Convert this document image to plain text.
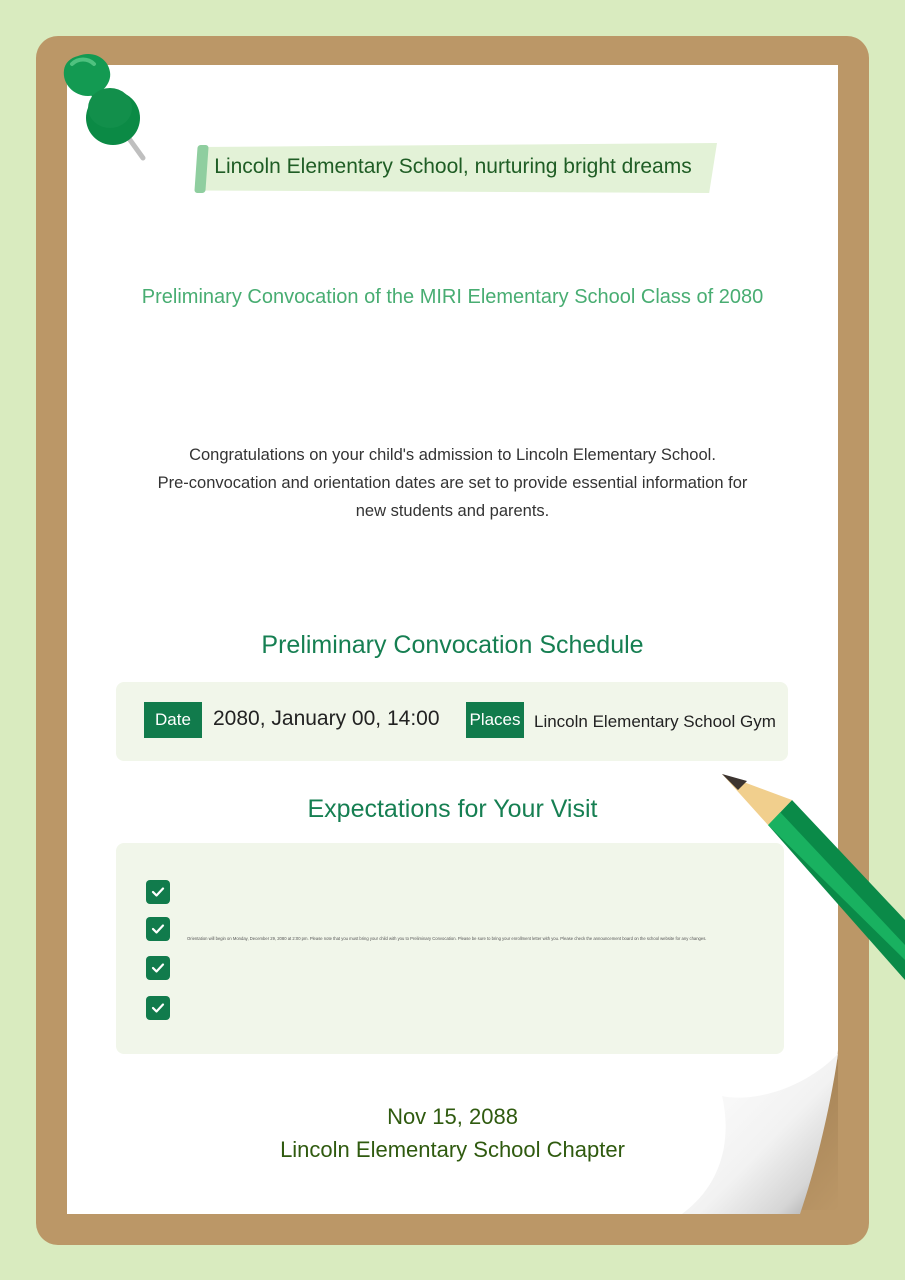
Lincoln Elementary School, nurturing bright dreams
Preliminary Convocation of the MIRI Elementary School Class of 2080
Congratulations on your child's admission to Lincoln Elementary School.
Pre-convocation and orientation dates are set to provide essential information for
new students and parents.
Preliminary Convocation Schedule
Date	2080, January 00, 14:00 Places Lincoln Elementary School Gym
Expectations for Your Visit
Orientation will begin on Monday, December 29, 2080 at 2:00 pm. Please note that you must bring your child with you to Preliminary Convocation. Please be sure to bring your enrollment letter with you. Please check the announcement board on the school website for any changes.
Nov 15, 2088
Lincoln Elementary School Chapter
